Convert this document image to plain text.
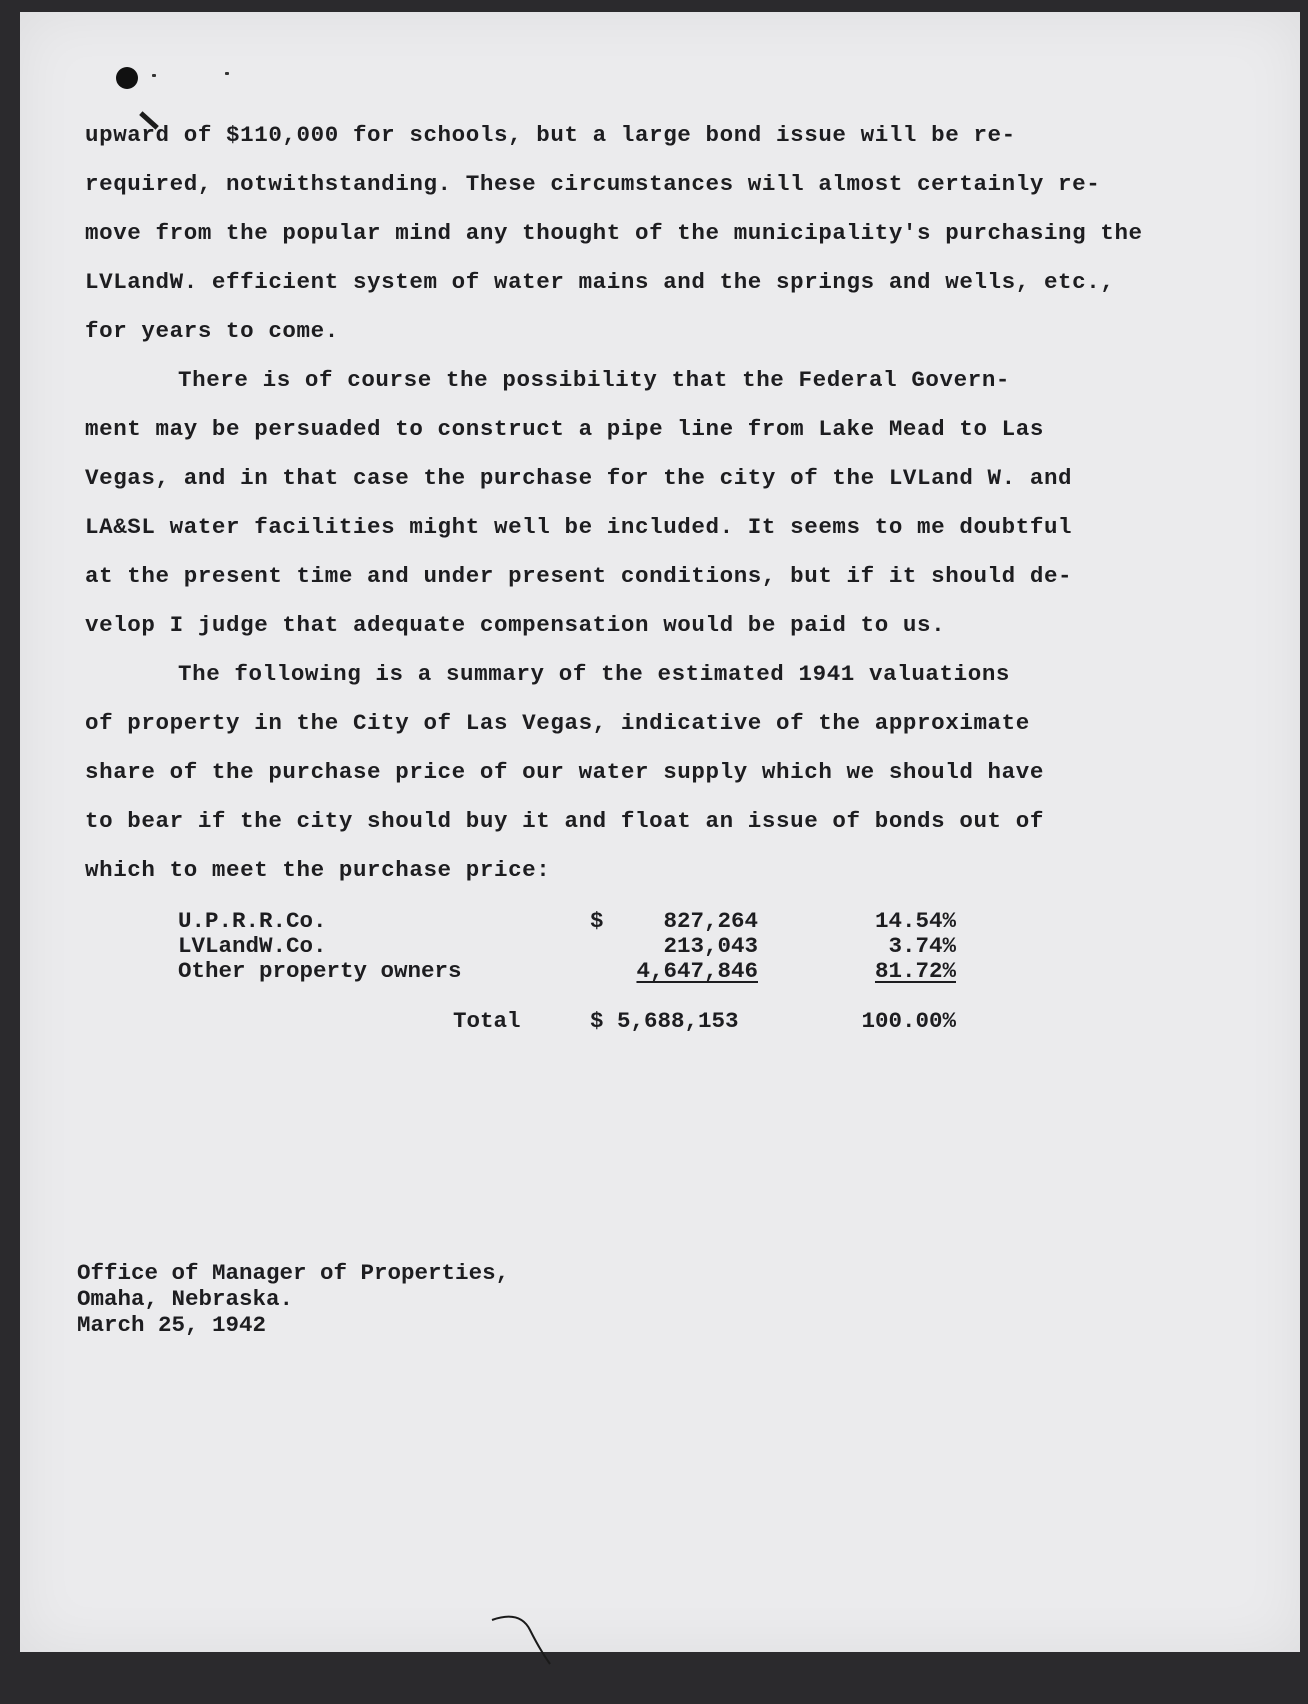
upward of $110,000 for schools, but a large bond issue will be re-
required, notwithstanding. These circumstances will almost certainly re-
move from the popular mind any thought of the municipality's purchasing the
LVLandW. efficient system of water mains and the springs and wells, etc.,
for years to come.
There is of course the possibility that the Federal Govern-
ment may be persuaded to construct a pipe line from Lake Mead to Las
Vegas, and in that case the purchase for the city of the LVLand W. and
LA&SL water facilities might well be included. It seems to me doubtful
at the present time and under present conditions, but if it should de-
velop I judge that adequate compensation would be paid to us.
The following is a summary of the estimated 1941 valuations
of property in the City of Las Vegas, indicative of the approximate
share of the purchase price of our water supply which we should have
to bear if the city should buy it and float an issue of bonds out of
which to meet the purchase price:
U.P.R.R.Co.	$	827,264	14.54%
LVLandW.Co.	213,043	3.74%
Other property owners	4,647,846	81.72%
Total	$ 5,688,153	100.00%
Office of Manager of Properties,
Omaha, Nebraska.
March 25, 1942
